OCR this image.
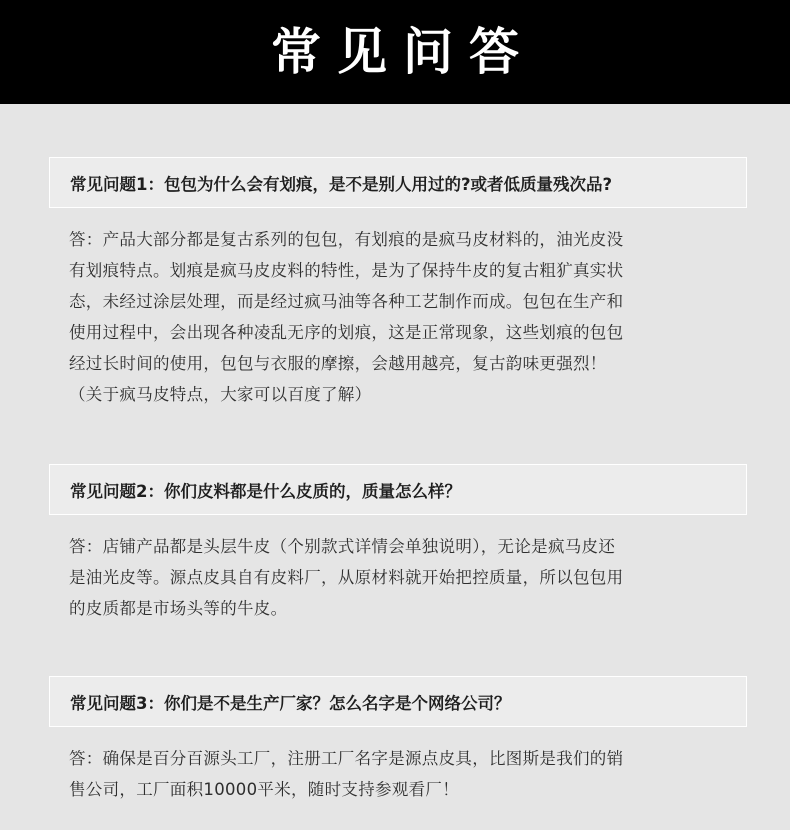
常见问答
常见问题1：包包为什么会有划痕，是不是别人用过的?或者低质量残次品?
答：产品大部分都是复古系列的包包，有划痕的是疯马皮材料的，油光皮没
有划痕特点。划痕是疯马皮皮料的特性，是为了保持牛皮的复古粗犷真实状
态，未经过涂层处理，而是经过疯马油等各种工艺制作而成。包包在生产和
使用过程中，会出现各种凌乱无序的划痕，这是正常现象，这些划痕的包包
经过长时间的使用，包包与衣服的摩擦，会越用越亮，复古韵味更强烈！
（关于疯马皮特点，大家可以百度了解）
常见问题2：你们皮料都是什么皮质的，质量怎么样？
答：店铺产品都是头层牛皮（个别款式详情会单独说明），无论是疯马皮还
是油光皮等。源点皮具自有皮料厂，从原材料就开始把控质量，所以包包用
的皮质都是市场头等的牛皮。
常见问题3：你们是不是生产厂家？怎么名字是个网络公司？
答：确保是百分百源头工厂，注册工厂名字是源点皮具，比图斯是我们的销
售公司，工厂面积10000平米，随时支持参观看厂！
